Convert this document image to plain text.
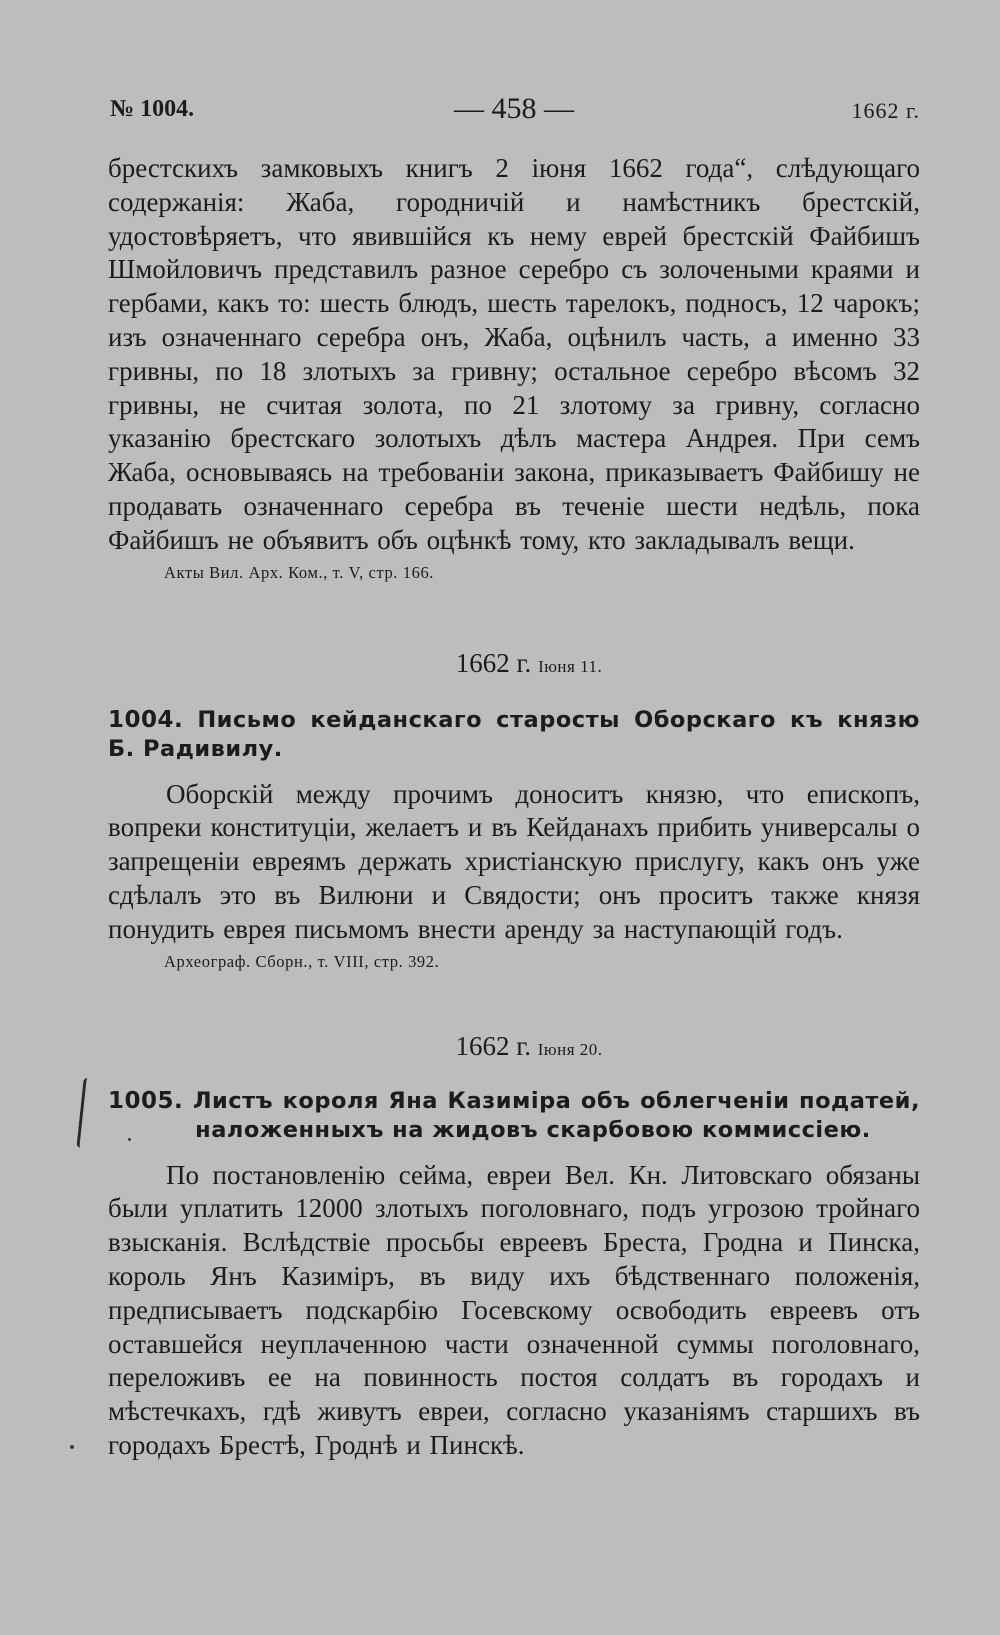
№ 1004.	— 458 —	1662 г.

брестскихъ замковыхъ книгъ 2 іюня 1662 года“, слѣдующаго содержанія: Жаба, городничій и намѣстникъ брестскій, удостовѣряетъ, что явившійся къ нему еврей брестскій Файбишъ Шмойловичъ представилъ разное серебро съ золочеными краями и гербами, какъ то: шесть блюдъ, шесть тарелокъ, подносъ, 12 чарокъ; изъ означеннаго серебра онъ, Жаба, оцѣнилъ часть, а именно 33 гривны, по 18 злотыхъ за гривну; остальное серебро вѣсомъ 32 гривны, не считая золота, по 21 злотому за гривну, согласно указанію брестскаго золотыхъ дѣлъ мастера Андрея. При семъ Жаба, основываясь на требованіи закона, приказываетъ Файбишу не продавать означеннаго серебра въ теченіе шести недѣль, пока Файбишъ не объявитъ объ оцѣнкѣ тому, кто закладывалъ вещи.

Акты Вил. Арх. Ком., т. V, стр. 166.

1662 г. Іюня 11.

1004. Письмо кейданскаго старосты Оборскаго къ князю Б. Радивилу.

Оборскій между прочимъ доноситъ князю, что епископъ, вопреки конституціи, желаетъ и въ Кейданахъ прибить универсалы о запрещеніи евреямъ держать христіанскую прислугу, какъ онъ уже сдѣлалъ это въ Вилюни и Свядости; онъ проситъ также князя понудить еврея письмомъ внести аренду за наступающій годъ.

Археограф. Сборн., т. VIII, стр. 392.

1662 г. Іюня 20.

1005. Листъ короля Яна Казиміра объ облегченіи податей, наложенныхъ на жидовъ скарбовою коммиссіею.

По постановленію сейма, евреи Вел. Кн. Литовскаго обязаны были уплатить 12000 злотыхъ поголовнаго, подъ угрозою тройнаго взысканія. Вслѣдствіе просьбы евреевъ Бреста, Гродна и Пинска, король Янъ Казиміръ, въ виду ихъ бѣдственнаго положенія, предписываетъ подскарбію Госевскому освободить евреевъ отъ оставшейся неуплаченною части означенной суммы поголовнаго, переложивъ ее на повинность постоя солдатъ въ городахъ и мѣстечкахъ, гдѣ живутъ евреи, согласно указаніямъ старшихъ въ городахъ Брестѣ, Гроднѣ и Пинскѣ.
